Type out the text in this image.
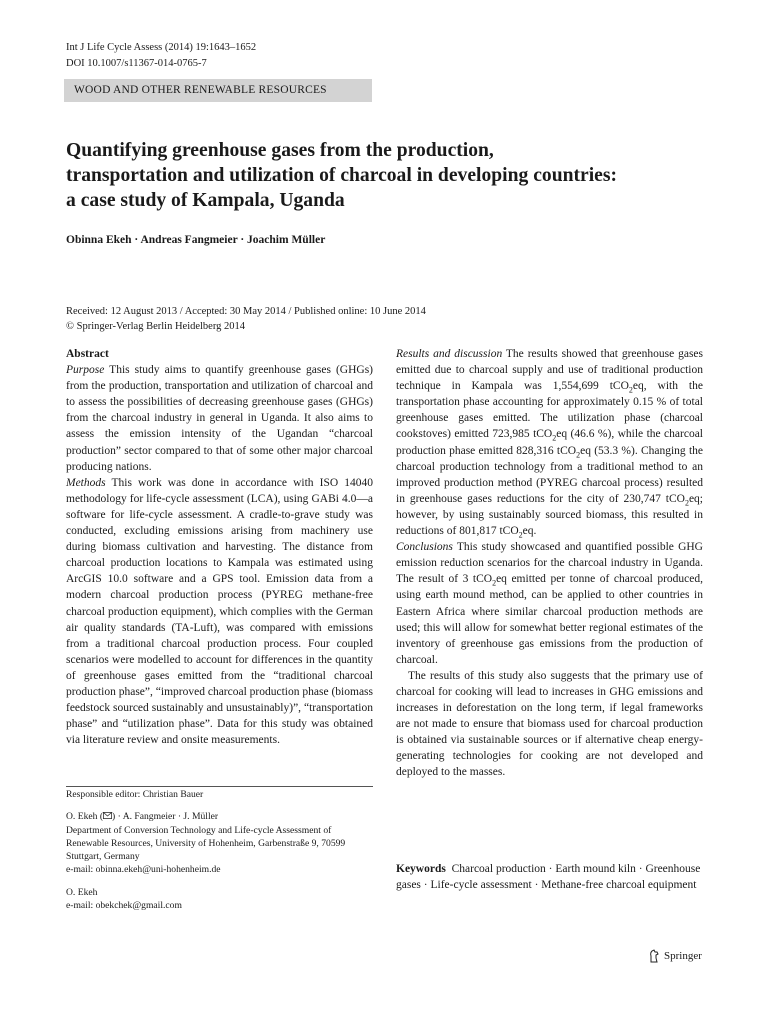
Int J Life Cycle Assess (2014) 19:1643–1652
DOI 10.1007/s11367-014-0765-7
WOOD AND OTHER RENEWABLE RESOURCES
Quantifying greenhouse gases from the production,
transportation and utilization of charcoal in developing countries:
a case study of Kampala, Uganda
Obinna Ekeh · Andreas Fangmeier · Joachim Müller
Received: 12 August 2013 / Accepted: 30 May 2014 / Published online: 10 June 2014
© Springer-Verlag Berlin Heidelberg 2014

Abstract

Purpose This study aims to quantify greenhouse gases (GHGs) from the production, transportation and utilization of charcoal and to assess the possibilities of decreasing greenhouse gases (GHGs) from the charcoal industry in general in Uganda. It also aims to assess the emission intensity of the Ugandan “charcoal production” sector compared to that of some other major charcoal producing nations.

Methods This work was done in accordance with ISO 14040 methodology for life-cycle assessment (LCA), using GABi 4.0—a software for life-cycle assessment. A cradle-to-grave study was conducted, excluding emissions arising from machinery use during biomass cultivation and harvesting. The distance from charcoal production locations to Kampala was estimated using ArcGIS 10.0 software and a GPS tool. Emission data from a modern charcoal production process (PYREG methane-free charcoal production equipment), which complies with the German air quality standards (TA-Luft), was compared with emissions from a traditional charcoal production process. Four coupled scenarios were modelled to account for differences in the quantity of greenhouse gases emitted from the “traditional charcoal production phase”, “improved charcoal production phase (biomass feedstock sourced sustainably and unsustainably)”, “transportation phase” and “utilization phase”. Data for this study was obtained via literature review and onsite measurements.

Results and discussion The results showed that greenhouse gases emitted due to charcoal supply and use of traditional production technique in Kampala was 1,554,699 tCO$_2$eq, with the transportation phase accounting for approximately 0.15 % of total greenhouse gases emitted. The utilization phase (charcoal cookstoves) emitted 723,985 tCO$_2$eq (46.6 %), while the charcoal production phase emitted 828,316 tCO$_2$eq (53.3 %). Changing the charcoal production technology from a traditional method to an improved production method (PYREG charcoal process) resulted in greenhouse gases reductions for the city of 230,747 tCO$_2$eq; however, by using sustainably sourced biomass, this resulted in reductions of 801,817 tCO$_2$eq.

Conclusions This study showcased and quantified possible GHG emission reduction scenarios for the charcoal industry in Uganda. The result of 3 tCO$_2$eq emitted per tonne of charcoal produced, using earth mound method, can be applied to other countries in Eastern Africa where similar charcoal production methods are used; this will allow for somewhat better regional estimates of the inventory of greenhouse gas emissions from the production of charcoal.

The results of this study also suggests that the primary use of charcoal for cooking will lead to increases in GHG emissions and increases in deforestation on the long term, if legal frameworks are not made to ensure that biomass used for charcoal production is obtained via sustainable sources or if alternative cheap energy-generating technologies for cooking are not developed and deployed to the masses.

Responsible editor: Christian Bauer

O. Ekeh ( ) · A. Fangmeier · J. Müller

Department of Conversion Technology and Life-cycle Assessment of Renewable Resources, University of Hohenheim, Garbenstraße 9, 70599 Stuttgart, Germany

e-mail: obinna.ekeh@uni-hohenheim.de

O. Ekeh

e-mail: obekchek@gmail.com

Keywords Charcoal production · Earth mound kiln · Greenhouse gases · Life-cycle assessment · Methane-free charcoal equipment
Springer
